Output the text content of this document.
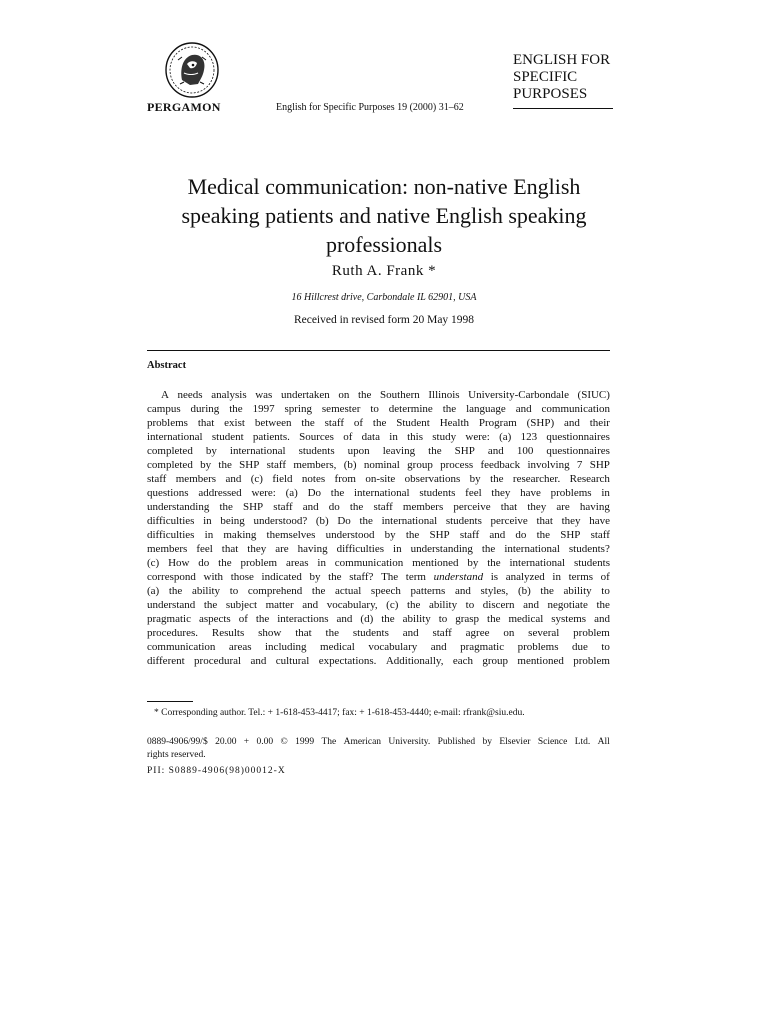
PERGAMON	English for Specific Purposes 19 (2000) 31–62
ENGLISH FOR
SPECIFIC
PURPOSES
Medical communication: non-native English
speaking patients and native English speaking
professionals
Ruth A. Frank *
16 Hillcrest drive, Carbondale IL 62901, USA
Received in revised form 20 May 1998
Abstract
A needs analysis was undertaken on the Southern Illinois University-Carbondale (SIUC)
campus during the 1997 spring semester to determine the language and communication
problems that exist between the staff of the Student Health Program (SHP) and their
international student patients. Sources of data in this study were: (a) 123 questionnaires
completed by international students upon leaving the SHP and 100 questionnaires
completed by the SHP staff members, (b) nominal group process feedback involving 7 SHP
staff members and (c) field notes from on-site observations by the researcher. Research
questions addressed were: (a) Do the international students feel they have problems in
understanding the SHP staff and do the staff members perceive that they are having
difficulties in being understood? (b) Do the international students perceive that they have
difficulties in making themselves understood by the SHP staff and do the SHP staff
members feel that they are having difficulties in understanding the international students?
(c) How do the problem areas in communication mentioned by the international students
correspond with those indicated by the staff? The term understand is analyzed in terms of
(a) the ability to comprehend the actual speech patterns and styles, (b) the ability to
understand the subject matter and vocabulary, (c) the ability to discern and negotiate the
pragmatic aspects of the interactions and (d) the ability to grasp the medical systems and
procedures. Results show that the students and staff agree on several problem
communication areas including medical vocabulary and pragmatic problems due to
different procedural and cultural expectations. Additionally, each group mentioned problem
* Corresponding author. Tel.: + 1-618-453-4417; fax: + 1-618-453-4440; e-mail: rfrank@siu.edu.
0889-4906/99/$ 20.00 + 0.00 © 1999 The American University. Published by Elsevier Science Ltd. All
rights reserved.
PII: S0889-4906(98)00012-X
